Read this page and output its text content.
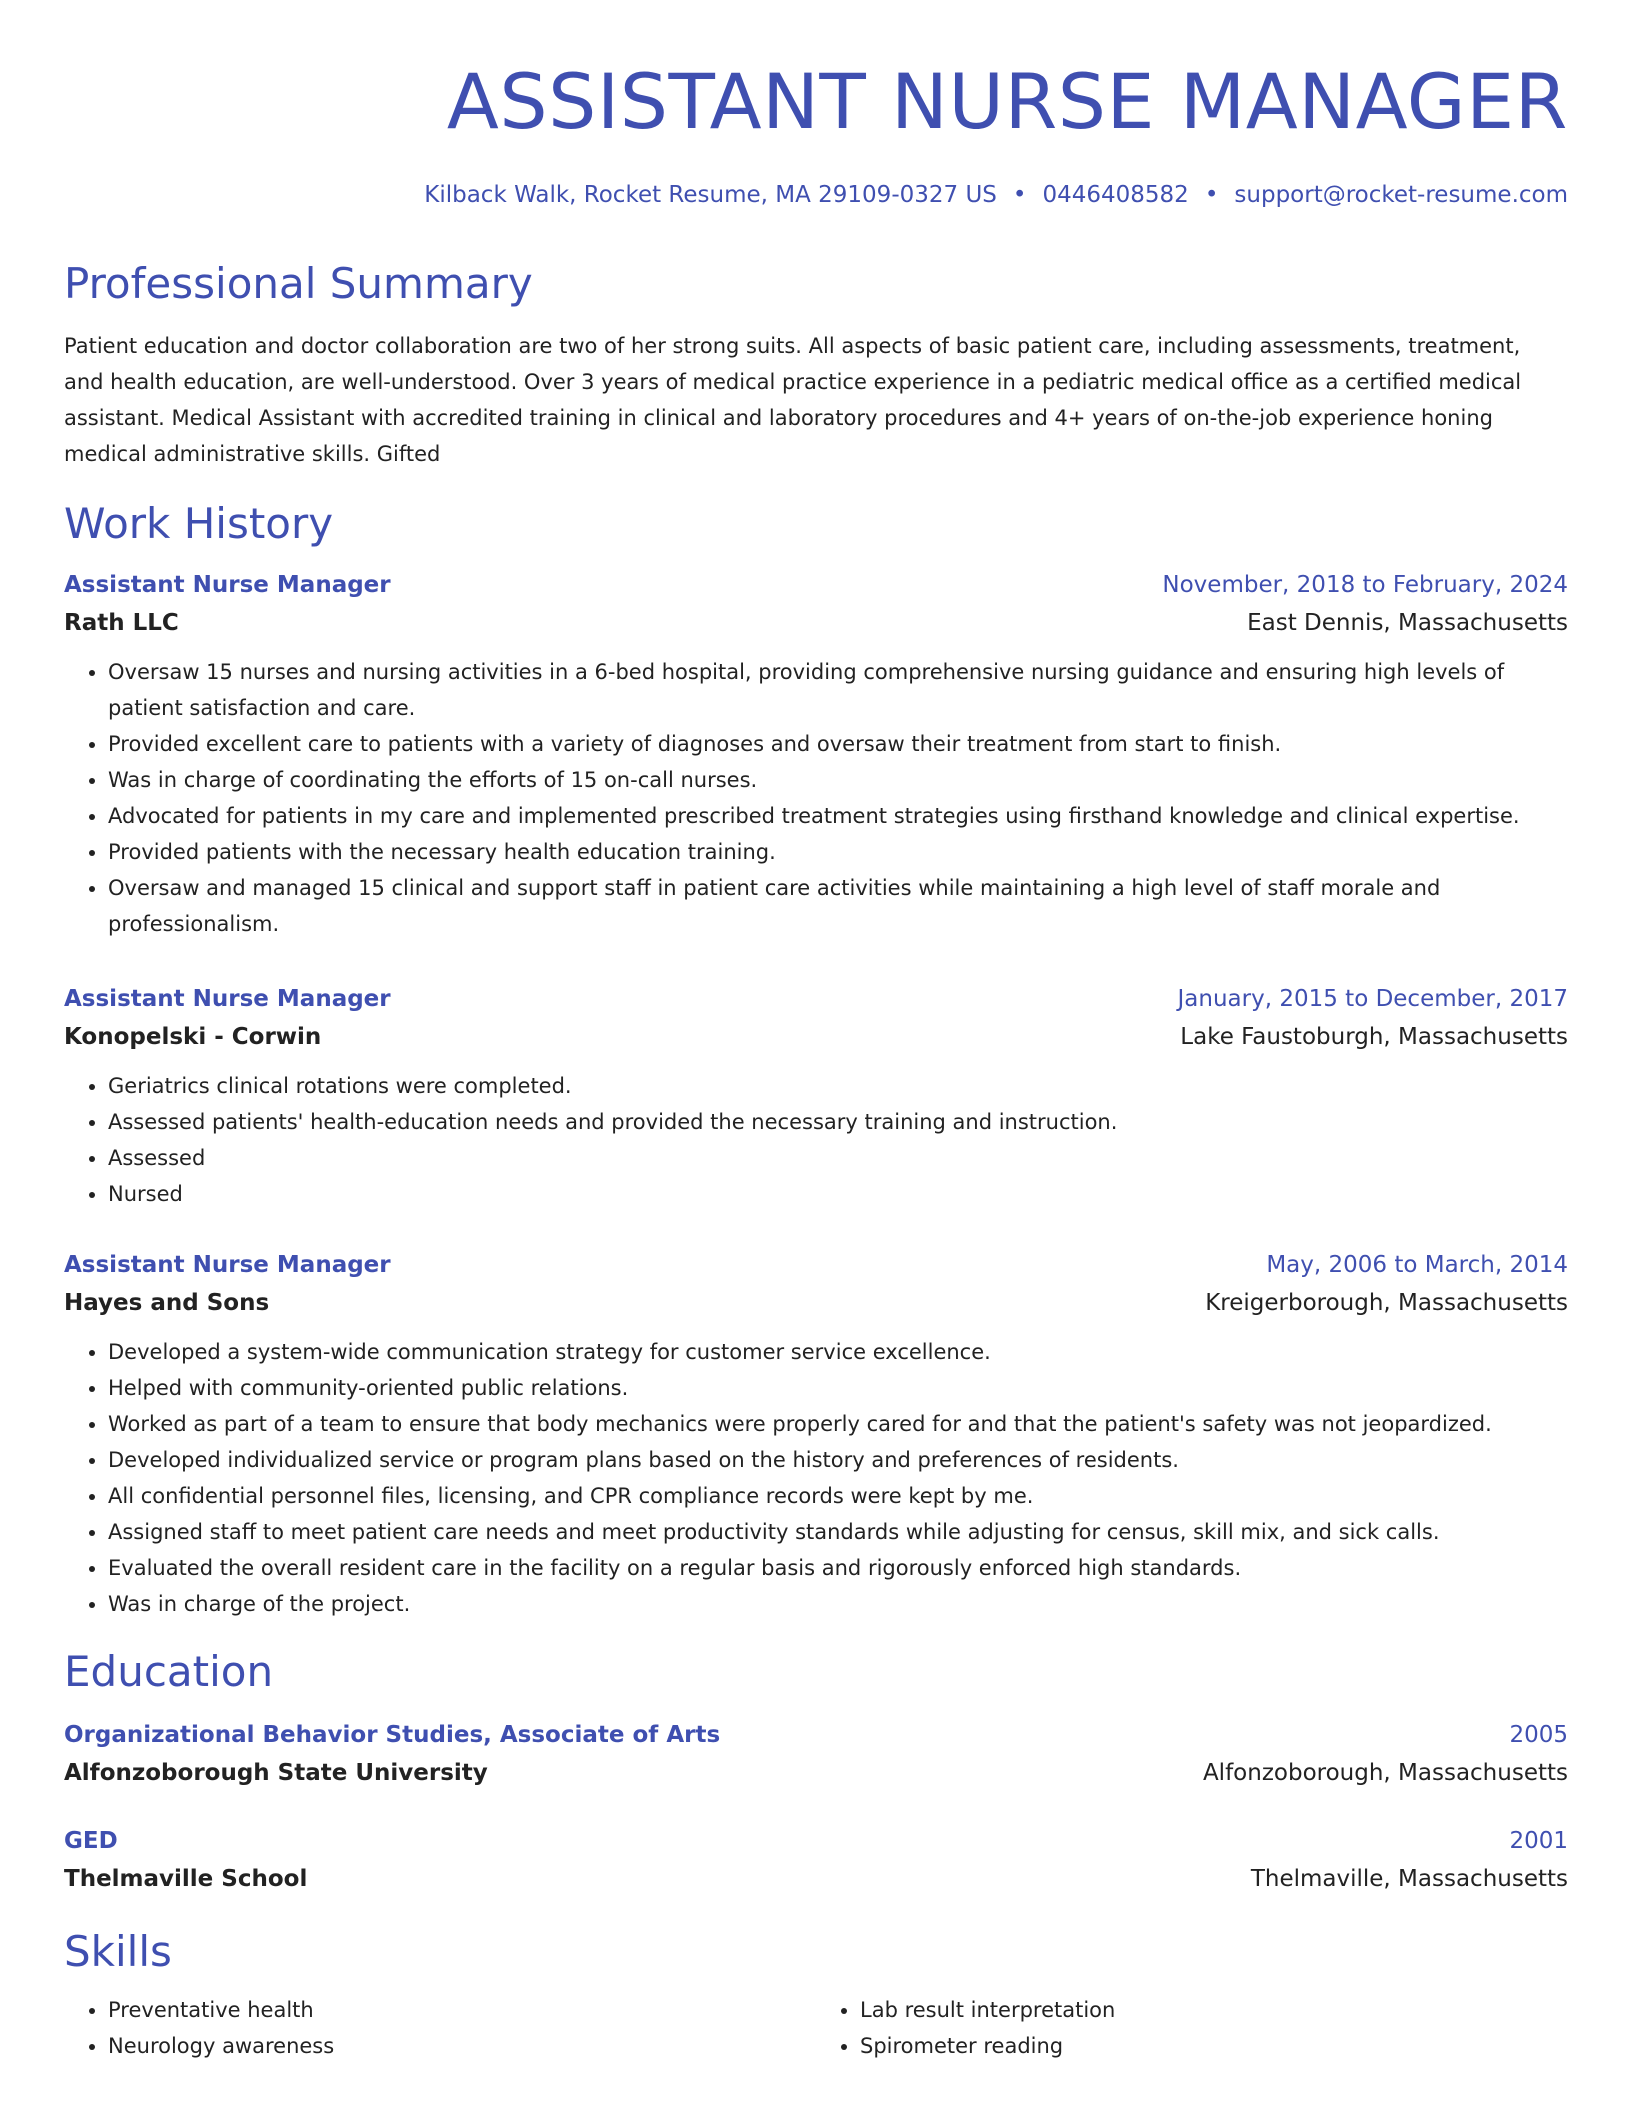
ASSISTANT NURSE MANAGER
Kilback Walk, Rocket Resume, MA 29109-0327 US • 0446408582 • support@rocket-resume.com
Professional Summary

Patient education and doctor collaboration are two of her strong suits. All aspects of basic patient care, including assessments, treatment, and health education, are well-understood. Over 3 years of medical practice experience in a pediatric medical office as a certified medical assistant. Medical Assistant with accredited training in clinical and laboratory procedures and 4+ years of on-the-job experience honing medical administrative skills. Gifted

Work History
Assistant Nurse Manager	November, 2018 to February, 2024
Rath LLC	East Dennis, Massachusetts
• Oversaw 15 nurses and nursing activities in a 6-bed hospital, providing comprehensive nursing guidance and ensuring high levels of patient satisfaction and care.
• Provided excellent care to patients with a variety of diagnoses and oversaw their treatment from start to finish.
• Was in charge of coordinating the efforts of 15 on-call nurses.
• Advocated for patients in my care and implemented prescribed treatment strategies using firsthand knowledge and clinical expertise.
• Provided patients with the necessary health education training.
• Oversaw and managed 15 clinical and support staff in patient care activities while maintaining a high level of staff morale and professionalism.
Assistant Nurse Manager	January, 2015 to December, 2017
Konopelski - Corwin	Lake Faustoburgh, Massachusetts
• Geriatrics clinical rotations were completed.
• Assessed patients' health-education needs and provided the necessary training and instruction.
• Assessed
• Nursed
Assistant Nurse Manager	May, 2006 to March, 2014
Hayes and Sons	Kreigerborough, Massachusetts
• Developed a system-wide communication strategy for customer service excellence.
• Helped with community-oriented public relations.
• Worked as part of a team to ensure that body mechanics were properly cared for and that the patient's safety was not jeopardized.
• Developed individualized service or program plans based on the history and preferences of residents.
• All confidential personnel files, licensing, and CPR compliance records were kept by me.
• Assigned staff to meet patient care needs and meet productivity standards while adjusting for census, skill mix, and sick calls.
• Evaluated the overall resident care in the facility on a regular basis and rigorously enforced high standards.
• Was in charge of the project.
Education
Organizational Behavior Studies, Associate of Arts	2005
Alfonzoborough State University	Alfonzoborough, Massachusetts
GED	2001
Thelmaville School	Thelmaville, Massachusetts
Skills
• Preventative health
• Neurology awareness
• Lab result interpretation
• Spirometer reading
